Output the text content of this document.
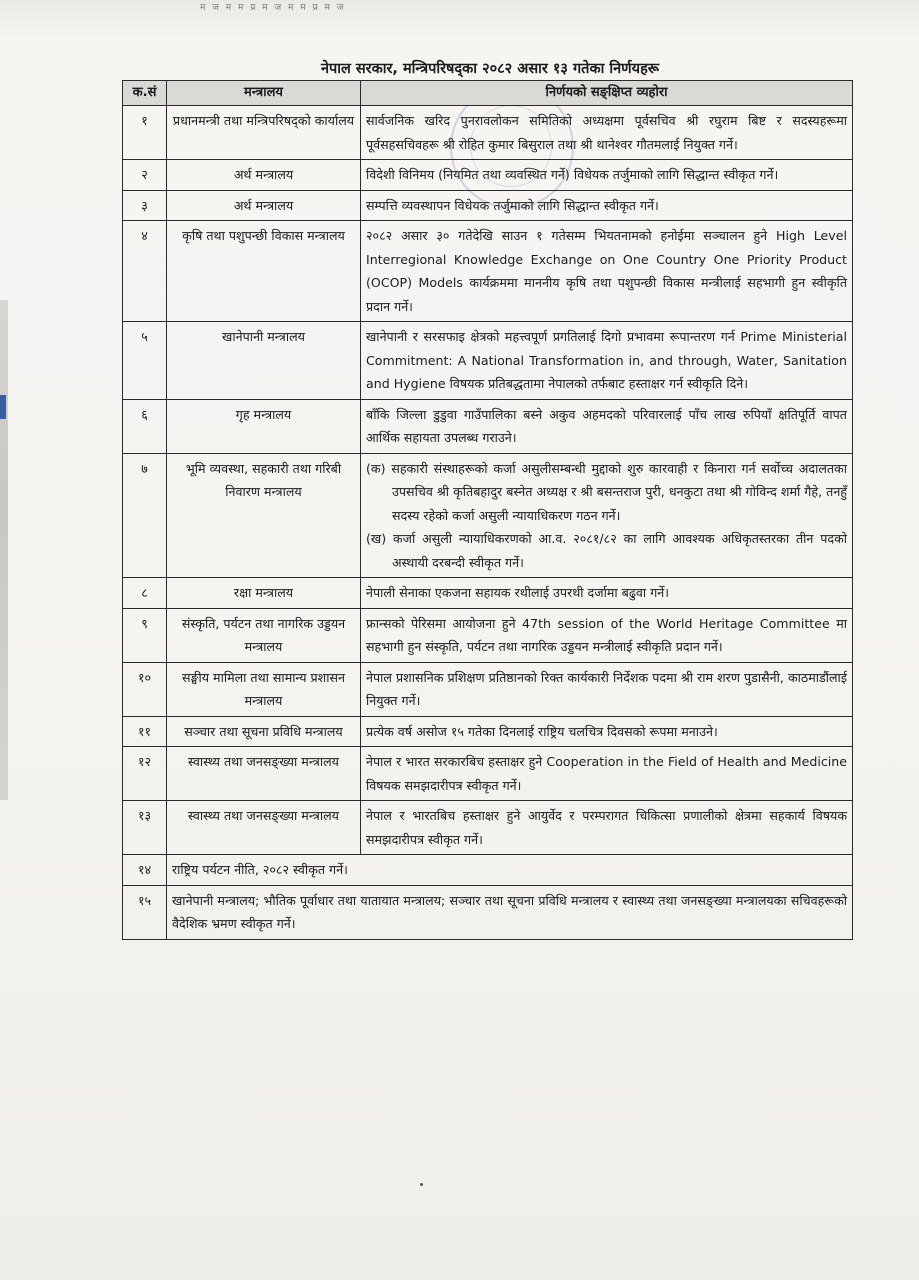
म ज म म प्र म ज म म प्र म ज
नेपाल सरकार, मन्त्रिपरिषद्का २०८२ असार १३ गतेका निर्णयहरू
क.सं	मन्त्रालय	निर्णयको सङ्क्षिप्त व्यहोरा
१	प्रधानमन्त्री तथा मन्त्रिपरिषद्को कार्यालय	सार्वजनिक खरिद पुनरावलोकन समितिको अध्यक्षमा पूर्वसचिव श्री रघुराम बिष्ट र सदस्यहरूमा पूर्वसहसचिवहरू श्री रोहित कुमार बिसुराल तथा श्री थानेश्वर गौतमलाई नियुक्त गर्ने।
२	अर्थ मन्त्रालय	विदेशी विनिमय (नियमित तथा व्यवस्थित गर्ने) विधेयक तर्जुमाको लागि सिद्धान्त स्वीकृत गर्ने।
३	अर्थ मन्त्रालय	सम्पत्ति व्यवस्थापन विधेयक तर्जुमाको लागि सिद्धान्त स्वीकृत गर्ने।
४	कृषि तथा पशुपन्छी विकास मन्त्रालय	२०८२ असार ३० गतेदेखि साउन १ गतेसम्म भियतनामको हनोईमा सञ्चालन हुने High Level Interregional Knowledge Exchange on One Country One Priority Product (OCOP) Models कार्यक्रममा माननीय कृषि तथा पशुपन्छी विकास मन्त्रीलाई सहभागी हुन स्वीकृति प्रदान गर्ने।
५	खानेपानी मन्त्रालय	खानेपानी र सरसफाइ क्षेत्रको महत्त्वपूर्ण प्रगतिलाई दिगो प्रभावमा रूपान्तरण गर्न Prime Ministerial Commitment: A National Transformation in, and through, Water, Sanitation and Hygiene विषयक प्रतिबद्धतामा नेपालको तर्फबाट हस्ताक्षर गर्न स्वीकृति दिने।
६	गृह मन्त्रालय	बाँकि जिल्ला डुडुवा गाउँपालिका बस्ने अकुव अहमदको परिवारलाई पाँच लाख रुपियाँ क्षतिपूर्ति वापत आर्थिक सहायता उपलब्ध गराउने।
७	भूमि व्यवस्था, सहकारी तथा गरिबी निवारण मन्त्रालय	(क) सहकारी संस्थाहरूको कर्जा असुलीसम्बन्धी मुद्दाको शुरु कारवाही र किनारा गर्न सर्वोच्च अदालतका उपसचिव श्री कृतिबहादुर बस्नेत अध्यक्ष र श्री बसन्तराज पुरी, धनकुटा तथा श्री गोविन्द शर्मा गैहे, तनहुँ सदस्य रहेको कर्जा असुली न्यायाधिकरण गठन गर्ने।
(ख) कर्जा असुली न्यायाधिकरणको आ.व. २०८१/८२ का लागि आवश्यक अधिकृतस्तरका तीन पदको अस्थायी दरबन्दी स्वीकृत गर्ने।

८	रक्षा मन्त्रालय	नेपाली सेनाका एकजना सहायक रथीलाई उपरथी दर्जामा बढुवा गर्ने।
९	संस्कृति, पर्यटन तथा नागरिक उड्डयन मन्त्रालय	फ्रान्सको पेरिसमा आयोजना हुने 47th session of the World Heritage Committee मा सहभागी हुन संस्कृति, पर्यटन तथा नागरिक उड्डयन मन्त्रीलाई स्वीकृति प्रदान गर्ने।
१०	सङ्घीय मामिला तथा सामान्य प्रशासन मन्त्रालय	नेपाल प्रशासनिक प्रशिक्षण प्रतिष्ठानको रिक्त कार्यकारी निर्देशक पदमा श्री राम शरण पुडासैनी, काठमाडौंलाई नियुक्त गर्ने।
११	सञ्चार तथा सूचना प्रविधि मन्त्रालय	प्रत्येक वर्ष असोज १५ गतेका दिनलाई राष्ट्रिय चलचित्र दिवसको रूपमा मनाउने।
१२	स्वास्थ्य तथा जनसङ्ख्या मन्त्रालय	नेपाल र भारत सरकारबिच हस्ताक्षर हुने Cooperation in the Field of Health and Medicine विषयक समझदारीपत्र स्वीकृत गर्ने।
१३	स्वास्थ्य तथा जनसङ्ख्या मन्त्रालय	नेपाल र भारतबिच हस्ताक्षर हुने आयुर्वेद र परम्परागत चिकित्सा प्रणालीको क्षेत्रमा सहकार्य विषयक समझदारीपत्र स्वीकृत गर्ने।
१४	राष्ट्रिय पर्यटन नीति, २०८२ स्वीकृत गर्ने।	
१५	खानेपानी मन्त्रालय; भौतिक पूर्वाधार तथा यातायात मन्त्रालय; सञ्चार तथा सूचना प्रविधि मन्त्रालय र स्वास्थ्य तथा जनसङ्ख्या मन्त्रालयका सचिवहरूको वैदेशिक भ्रमण स्वीकृत गर्ने।	
